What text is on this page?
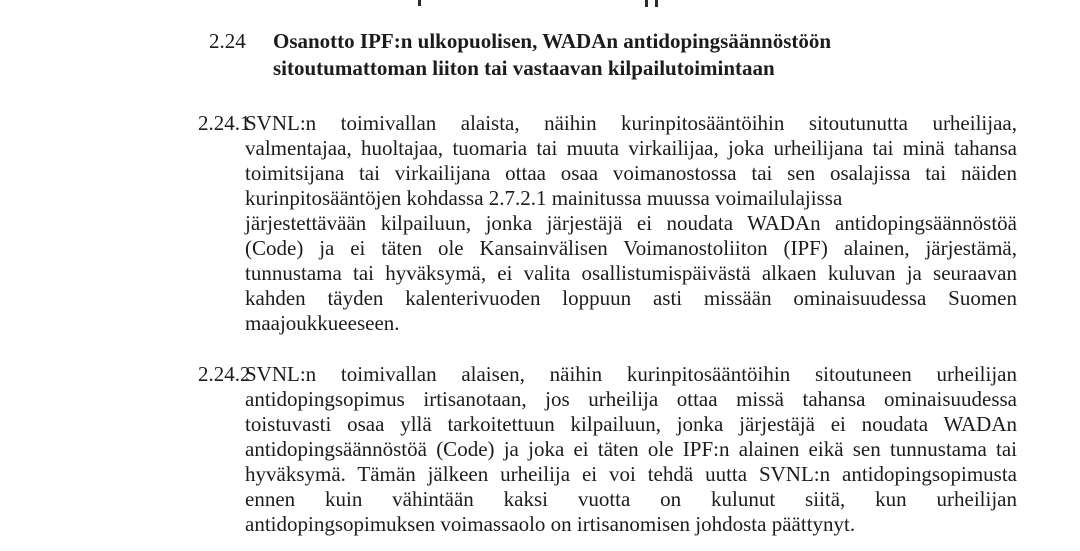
2.24 Osanotto IPF:n ulkopuolisen, WADAn antidopingsäännöstöön
sitoutumattoman liiton tai vastaavan kilpailutoimintaan
2.24.1
SVNL:n toimivallan alaista, näihin kurinpitosääntöihin sitoutunutta urheilijaa,
valmentajaa, huoltajaa, tuomaria tai muuta virkailijaa, joka urheilijana tai minä tahansa
toimitsijana tai virkailijana ottaa osaa voimanostossa tai sen osalajissa tai näiden
kurinpitosääntöjen kohdassa 2.7.2.1 mainitussa muussa voimailulajissa
järjestettävään kilpailuun, jonka järjestäjä ei noudata WADAn antidopingsäännöstöä
(Code) ja ei täten ole Kansainvälisen Voimanostoliiton (IPF) alainen, järjestämä,
tunnustama tai hyväksymä, ei valita osallistumispäivästä alkaen kuluvan ja seuraavan
kahden täyden kalenterivuoden loppuun asti missään ominaisuudessa Suomen
maajoukkueeseen.
2.24.2
SVNL:n toimivallan alaisen, näihin kurinpitosääntöihin sitoutuneen urheilijan
antidopingsopimus irtisanotaan, jos urheilija ottaa missä tahansa ominaisuudessa
toistuvasti osaa yllä tarkoitettuun kilpailuun, jonka järjestäjä ei noudata WADAn
antidopingsäännöstöä (Code) ja joka ei täten ole IPF:n alainen eikä sen tunnustama tai
hyväksymä. Tämän jälkeen urheilija ei voi tehdä uutta SVNL:n antidopingsopimusta
ennen kuin vähintään kaksi vuotta on kulunut siitä, kun urheilijan
antidopingsopimuksen voimassaolo on irtisanomisen johdosta päättynyt.
